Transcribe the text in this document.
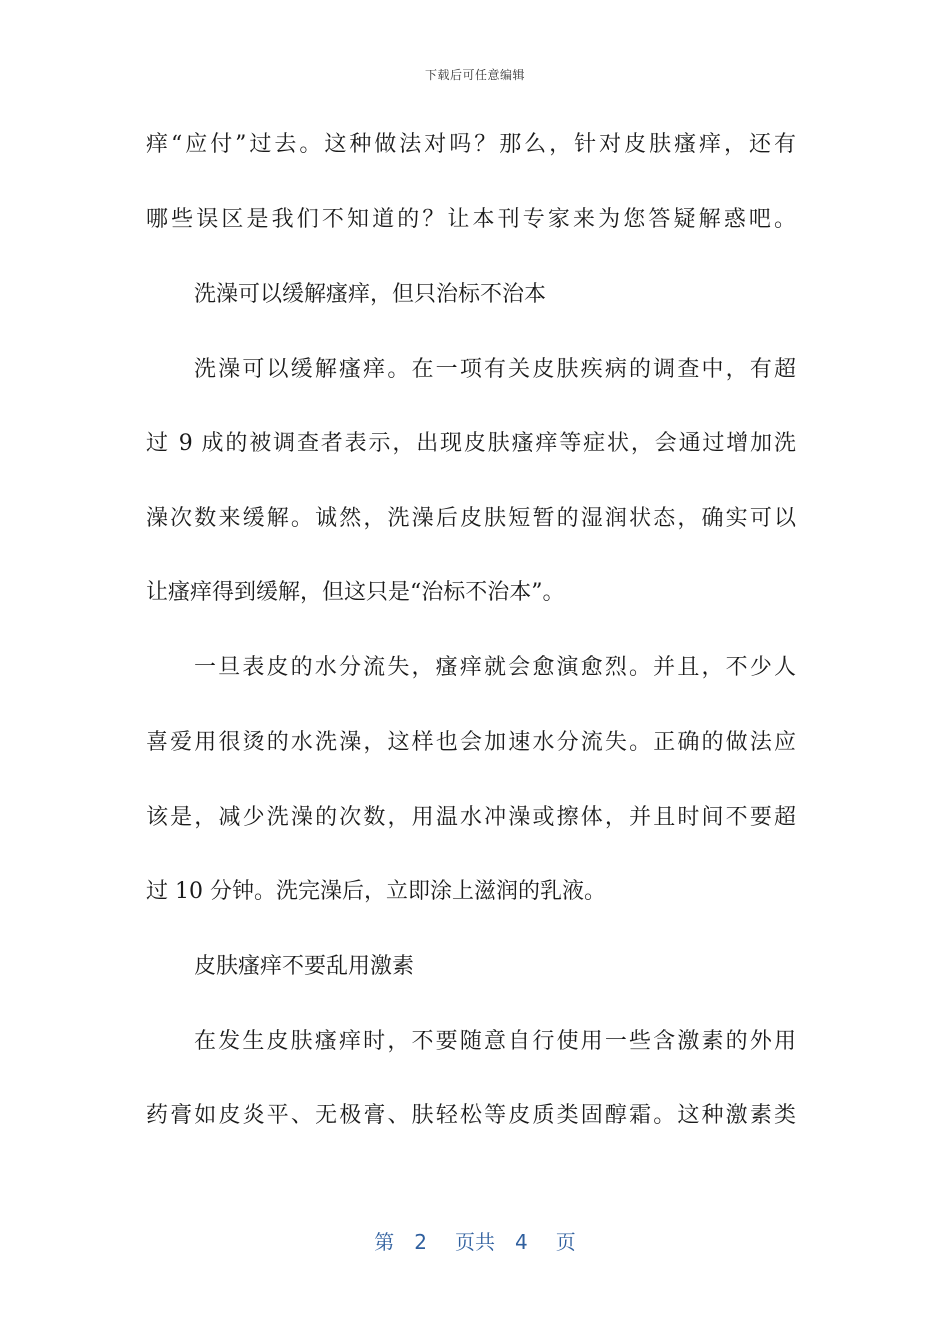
下载后可任意编辑
痒“应付”过去。这种做法对吗？那么，针对皮肤瘙痒，还有
哪些误区是我们不知道的？让本刊专家来为您答疑解惑吧。
洗澡可以缓解瘙痒，但只治标不治本
洗澡可以缓解瘙痒。在一项有关皮肤疾病的调查中，有超
过 9 成的被调查者表示，出现皮肤瘙痒等症状，会通过增加洗
澡次数来缓解。诚然，洗澡后皮肤短暂的湿润状态，确实可以
让瘙痒得到缓解，但这只是“治标不治本”。
一旦表皮的水分流失，瘙痒就会愈演愈烈。并且，不少人
喜爱用很烫的水洗澡，这样也会加速水分流失。正确的做法应
该是，减少洗澡的次数，用温水冲澡或擦体，并且时间不要超
过 10 分钟。洗完澡后，立即涂上滋润的乳液。
皮肤瘙痒不要乱用激素
在发生皮肤瘙痒时，不要随意自行使用一些含激素的外用
药膏如皮炎平、无极膏、肤轻松等皮质类固醇霜。这种激素类
第 2 页共 4 页
